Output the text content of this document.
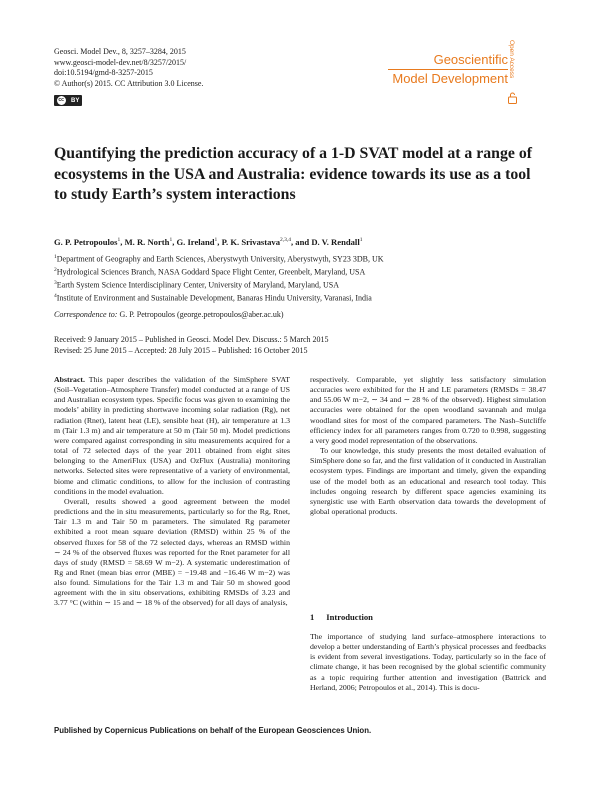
Geosci. Model Dev., 8, 3257–3284, 2015
www.geosci-model-dev.net/8/3257/2015/
doi:10.5194/gmd-8-3257-2015
© Author(s) 2015. CC Attribution 3.0 License.
cc BY
Geoscientific
Model Development
Open Access
Quantifying the prediction accuracy of a 1-D SVAT model at a range of ecosystems in the USA and Australia: evidence towards its use as a tool to study Earth’s system interactions
G. P. Petropoulos$^1$, M. R. North$^1$, G. Ireland$^1$, P. K. Srivastava$^{2,3,4}$, and D. V. Rendall$^1$
$^1$Department of Geography and Earth Sciences, Aberystwyth University, Aberystwyth, SY23 3DB, UK
$^2$Hydrological Sciences Branch, NASA Goddard Space Flight Center, Greenbelt, Maryland, USA
$^3$Earth System Science Interdisciplinary Center, University of Maryland, Maryland, USA
$^4$Institute of Environment and Sustainable Development, Banaras Hindu University, Varanasi, India
Correspondence to: G. P. Petropoulos (george.petropoulos@aber.ac.uk)
Received: 9 January 2015 – Published in Geosci. Model Dev. Discuss.: 5 March 2015
Revised: 25 June 2015 – Accepted: 28 July 2015 – Published: 16 October 2015

Abstract. This paper describes the validation of the SimSphere SVAT (Soil–Vegetation–Atmosphere Transfer) model conducted at a range of US and Australian ecosystem types. Specific focus was given to examining the models’ ability in predicting shortwave incoming solar radiation (Rg), net radiation (Rnet), latent heat (LE), sensible heat (H), air temperature at 1.3 m (Tair 1.3 m) and air temperature at 50 m (Tair 50 m). Model predictions were compared against corresponding in situ measurements acquired for a total of 72 selected days of the year 2011 obtained from eight sites belonging to the AmeriFlux (USA) and OzFlux (Australia) monitoring networks. Selected sites were representative of a variety of environmental, biome and climatic conditions, to allow for the inclusion of contrasting conditions in the model evaluation.

Overall, results showed a good agreement between the model predictions and the in situ measurements, particularly so for the Rg, Rnet, Tair 1.3 m and Tair 50 m parameters. The simulated Rg parameter exhibited a root mean square deviation (RMSD) within 25 % of the observed fluxes for 58 of the 72 selected days, whereas an RMSD within ∼ 24 % of the observed fluxes was reported for the Rnet parameter for all days of study (RMSD = 58.69 W m−2). A systematic underestimation of Rg and Rnet (mean bias error (MBE) = −19.48 and −16.46 W m−2) was also found. Simulations for the Tair 1.3 m and Tair 50 m showed good agreement with the in situ observations, exhibiting RMSDs of 3.23 and 3.77 °C (within ∼ 15 and ∼ 18 % of the observed) for all days of analysis,

respectively. Comparable, yet slightly less satisfactory simulation accuracies were exhibited for the H and LE parameters (RMSDs = 38.47 and 55.06 W m−2, ∼ 34 and ∼ 28 % of the observed). Highest simulation accuracies were obtained for the open woodland savannah and mulga woodland sites for most of the compared parameters. The Nash–Sutcliffe efficiency index for all parameters ranges from 0.720 to 0.998, suggesting a very good model representation of the observations.

To our knowledge, this study presents the most detailed evaluation of SimSphere done so far, and the first validation of it conducted in Australian ecosystem types. Findings are important and timely, given the expanding use of the model both as an educational and research tool today. This includes ongoing research by different space agencies examining its synergistic use with Earth observation data towards the development of global operational products.

1 Introduction

The importance of studying land surface–atmosphere interactions to develop a better understanding of Earth’s physical processes and feedbacks is evident from several investigations. Today, particularly so in the face of climate change, it has been recognised by the global scientific community as a topic requiring further attention and investigation (Battrick and Herland, 2006; Petropoulos et al., 2014). This is docu-

Published by Copernicus Publications on behalf of the European Geosciences Union.
